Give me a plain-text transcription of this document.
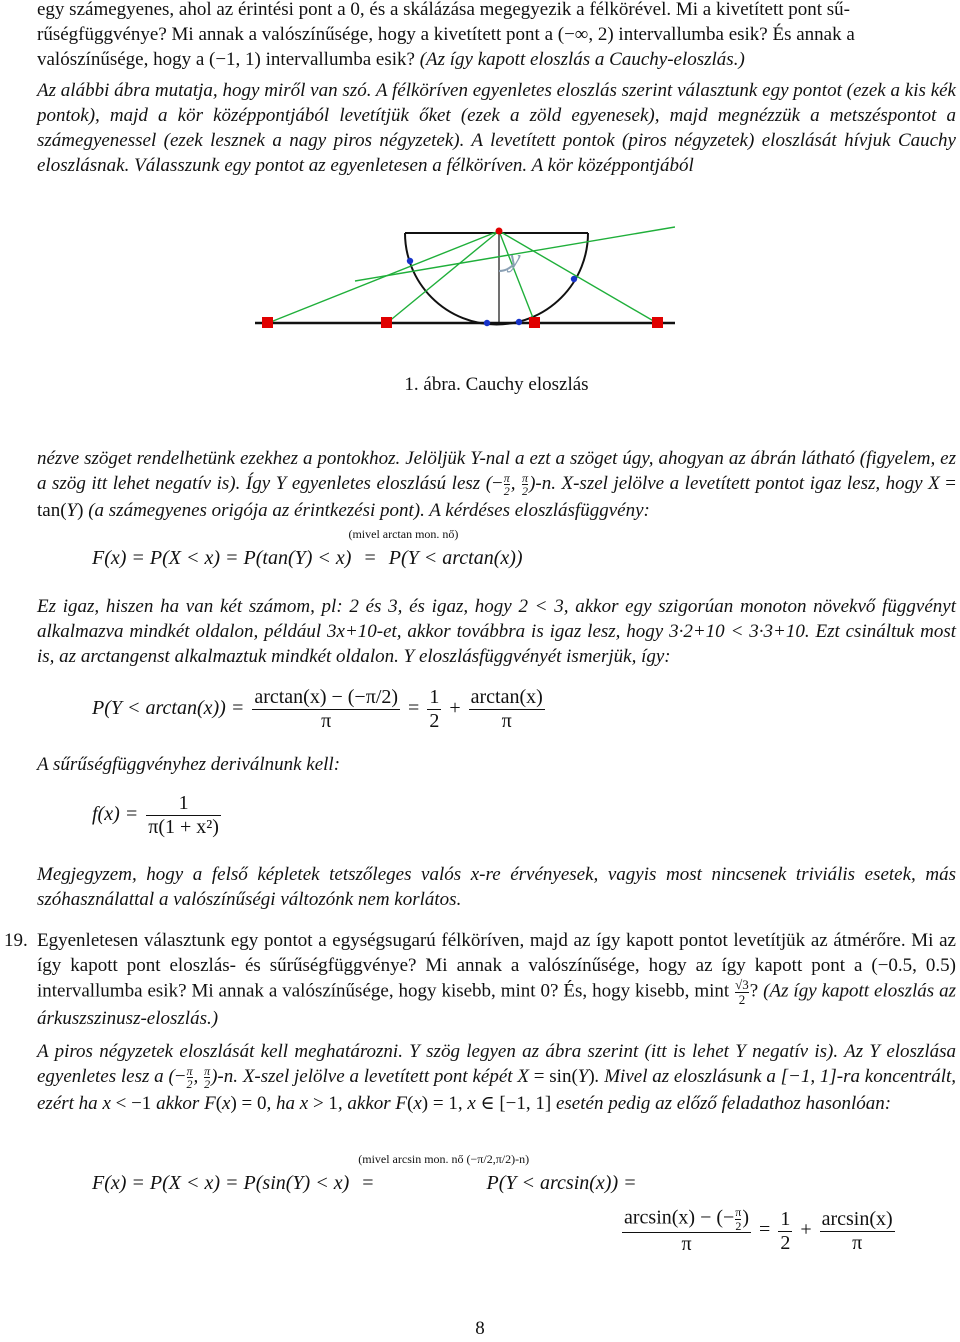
egy számegyenes, ahol az érintési pont a 0, és a skálázása megegyezik a félkörével. Mi a kivetített pont sű-
rűségfüggvénye? Mi annak a valószínűsége, hogy a kivetített pont a (−∞, 2) intervallumba esik? És annak a
valószínűsége, hogy a (−1, 1) intervallumba esik? (Az így kapott eloszlás a Cauchy-eloszlás.)
Az alábbi ábra mutatja, hogy miről van szó. A félköríven egyenletes eloszlás szerint választunk egy pontot (ezek a kis kék pontok), majd a kör középpontjából levetítjük őket (ezek a zöld egyenesek), majd megnézzük a metszéspontot a számegyenessel (ezek lesznek a nagy piros négyzetek). A levetített pontok (piros négyzetek) eloszlását hívjuk Cauchy eloszlásnak. Válasszunk egy pontot az egyenletesen a félköríven. A kör középpontjából
y
1. ábra. Cauchy eloszlás
nézve szöget rendelhetünk ezekhez a pontokhoz. Jelöljük Y-nal a ezt a szöget úgy, ahogyan az ábrán látható (figyelem, ez a szög itt lehet negatív is). Így Y egyenletes eloszlású lesz (− $\frac{\pi}{2}$ , $\frac{\pi}{2} )-n$. X-szel jelölve a levetített pontot igaz lesz, hogy X = tan(Y) (a számegyenes origója az érintkezési pont). A kérdéses eloszlásfüggvény:
F(x) = P(X < x) = P(tan(Y) < x)
(mivel arctan mon. nő)
= P(Y < arctan(x))
Ez igaz, hiszen ha van két számom, pl: 2 és 3, és igaz, hogy 2 < 3, akkor egy szigorúan monoton növekvő függvényt alkalmazva mindkét oldalon, például 3x+10-et, akkor továbbra is igaz lesz, hogy 3·2+10 < 3·3+10. Ezt csináltuk most is, az arctangenst alkalmaztuk mindkét oldalon. Y eloszlásfüggvényét ismerjük, így:
$P(Y < \arctan(x)) = \frac{\arctan(x) - (-\pi/2)}{\pi} = \frac{1}{2} + \frac{\arctan(x)}{\pi}$
A sűrűségfüggvényhez deriválnunk kell:
$f(x) = \frac{1}{\text{π(1 + x²)}}$
Megjegyzem, hogy a felső képletek tetszőleges valós x-re érvényesek, vagyis most nincsenek triviális esetek, más szóhasználattal a valószínűségi változónk nem korlátos.
19. Egyenletesen választunk egy pontot a egységsugarú félköríven, majd az így kapott pontot levetítjük az átmérőre. Mi az így kapott pont eloszlás- és sűrűségfüggvénye? Mi annak a valószínűsége, hogy az így kapott pont a (−0.5, 0.5) intervallumba esik? Mi annak a valószínűsége, hogy kisebb, mint 0? És, hogy kisebb, mint $\frac{√3}{2}$ ? (Az így kapott eloszlás az árkuszszinusz-eloszlás.)
A piros négyzetek eloszlását kell meghatározni. Y szög legyen az ábra szerint (itt is lehet Y negatív is). Az Y eloszlása egyenletes lesz a (− $\frac{\pi}{2}$ , $\frac{\pi}{2} )-n$. X-szel jelölve a levetített pont képét X = sin(Y). Mivel az eloszlásunk a [−1, 1]-ra koncentrált, ezért ha x < −1 akkor F(x) = 0, ha x > 1, akkor F(x) = 1, x ∈ [−1, 1] esetén pedig az előző feladathoz hasonlóan:
F(x) = P(X < x) = P(sin(Y) < x)
(mivel arcsin mon. nő (−π/2,π/2)-n)
=	P(Y < arcsin(x)) =
$\frac{\arcsin(x) - (- \frac{\pi}{2} )}{\pi} = \frac{1}{2} + \frac{\arcsin(x)}{\pi}$
8
